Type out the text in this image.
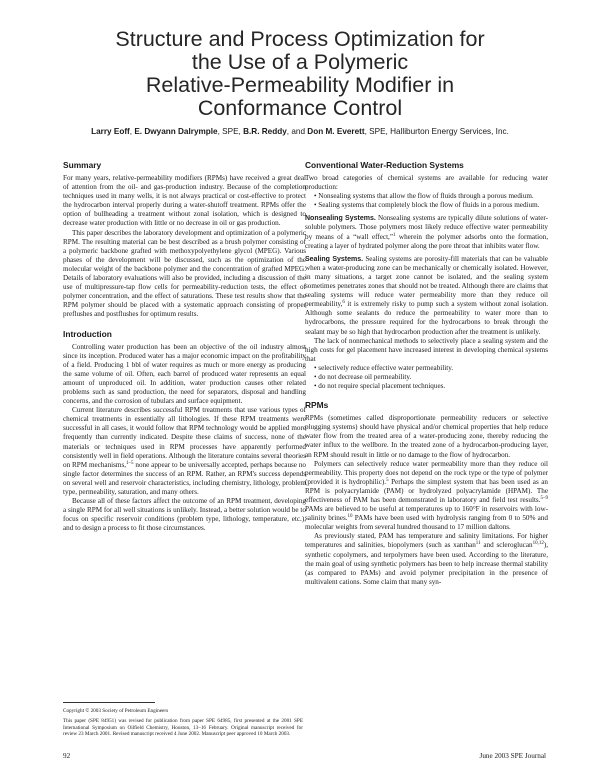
Structure and Process Optimization for
the Use of a Polymeric
Relative-Permeability Modifier in
Conformance Control
Larry Eoff, E. Dwyann Dalrymple, SPE, B.R. Reddy, and Don M. Everett, SPE, Halliburton Energy Services, Inc.
Summary

For many years, relative-permeability modifiers (RPMs) have received a great deal of attention from the oil- and gas-production industry. Because of the completion techniques used in many wells, it is not always practical or cost-effective to protect the hydrocarbon interval properly during a water-shutoff treatment. RPMs offer the option of bullheading a treatment without zonal isolation, which is designed to decrease water production with little or no decrease in oil or gas production.

This paper describes the laboratory development and optimization of a polymeric RPM. The resulting material can be best described as a brush polymer consisting of a polymeric backbone grafted with methoxypolyethylene glycol (MPEG). Various phases of the development will be discussed, such as the optimization of the molecular weight of the backbone polymer and the concentration of grafted MPEG. Details of laboratory evaluations will also be provided, including a discussion of the use of multipressure-tap flow cells for permeability-reduction tests, the effect of polymer concentration, and the effect of saturations. These test results show that the RPM polymer should be placed with a systematic approach consisting of proper preflushes and postflushes for optimum results.

Introduction

Controlling water production has been an objective of the oil industry almost since its inception. Produced water has a major economic impact on the profitability of a field. Producing 1 bbl of water requires as much or more energy as producing the same volume of oil. Often, each barrel of produced water represents an equal amount of unproduced oil. In addition, water production causes other related problems such as sand production, the need for separators, disposal and handling concerns, and the corrosion of tubulars and surface equipment.

Current literature describes successful RPM treatments that use various types of chemical treatments in essentially all lithologies. If these RPM treatments were successful in all cases, it would follow that RPM technology would be applied more frequently than currently indicated. Despite these claims of success, none of the materials or techniques used in RPM processes have apparently performed consistently well in field operations. Although the literature contains several theories on RPM mechanisms,$^{1-5}$ none appear to be universally accepted, perhaps because no single factor determines the success of an RPM. Rather, an RPM's success depends on several well and reservoir characteristics, including chemistry, lithology, problem type, permeability, saturation, and many others.

Because all of these factors affect the outcome of an RPM treatment, developing a single RPM for all well situations is unlikely. Instead, a better solution would be to focus on specific reservoir conditions (problem type, lithology, temperature, etc.), and to design a process to fit those circumstances.

Conventional Water-Reduction Systems

Two broad categories of chemical systems are available for reducing water production:

• Nonsealing systems that allow the flow of fluids through a porous medium.
• Sealing systems that completely block the flow of fluids in a porous medium.

Nonsealing Systems. Nonsealing systems are typically dilute solutions of water-soluble polymers. Those polymers most likely reduce effective water permeability by means of a “wall effect,”$^1$ wherein the polymer adsorbs onto the formation, creating a layer of hydrated polymer along the pore throat that inhibits water flow.

Sealing Systems. Sealing systems are porosity-fill materials that can be valuable when a water-producing zone can be mechanically or chemically isolated. However, in many situations, a target zone cannot be isolated, and the sealing system sometimes penetrates zones that should not be treated. Although there are claims that sealing systems will reduce water permeability more than they reduce oil permeability,$^6$ it is extremely risky to pump such a system without zonal isolation. Although some sealants do reduce the permeability to water more than to hydrocarbons, the pressure required for the hydrocarbons to break through the sealant may be so high that hydrocarbon production after the treatment is unlikely.

The lack of nonmechanical methods to selectively place a sealing system and the high costs for gel placement have increased interest in developing chemical systems that

• selectively reduce effective water permeability.
• do not decrease oil permeability.
• do not require special placement techniques.
RPMs

RPMs (sometimes called disproportionate permeability reducers or selective plugging systems) should have physical and/or chemical properties that help reduce water flow from the treated area of a water-producing zone, thereby reducing the water influx to the wellbore. In the treated zone of a hydrocarbon-producing layer, an RPM should result in little or no damage to the flow of hydrocarbon.

Polymers can selectively reduce water permeability more than they reduce oil permeability. This property does not depend on the rock type or the type of polymer (provided it is hydrophilic).$^5$ Perhaps the simplest system that has been used as an RPM is polyacrylamide (PAM) or hydrolyzed polyacrylamide (HPAM). The effectiveness of PAM has been demonstrated in laboratory and field test results.$^{5-9}$ PAMs are believed to be useful at temperatures up to 160°F in reservoirs with low-salinity brines.$^{10}$ PAMs have been used with hydrolysis ranging from 0 to 50% and molecular weights from several hundred thousand to 17 million daltons.

As previously stated, PAM has temperature and salinity limitations. For higher temperatures and salinities, biopolymers (such as xanthan$^{11}$ and scleroglucan$^{10,12}$), synthetic copolymers, and terpolymers have been used. According to the literature, the main goal of using synthetic polymers has been to help increase thermal stability (as compared to PAMs) and avoid polymer precipitation in the presence of multivalent cations. Some claim that many syn-

Copyright © 2003 Society of Petroleum Engineers

This paper (SPE 84951) was revised for publication from paper SPE 64985, first presented at the 2001 SPE International Symposium on Oilfield Chemistry, Houston, 13–16 February. Original manuscript received for review 23 March 2001. Revised manuscript received 4 June 2002. Manuscript peer approved 10 March 2003.

92	June 2003 SPE Journal
